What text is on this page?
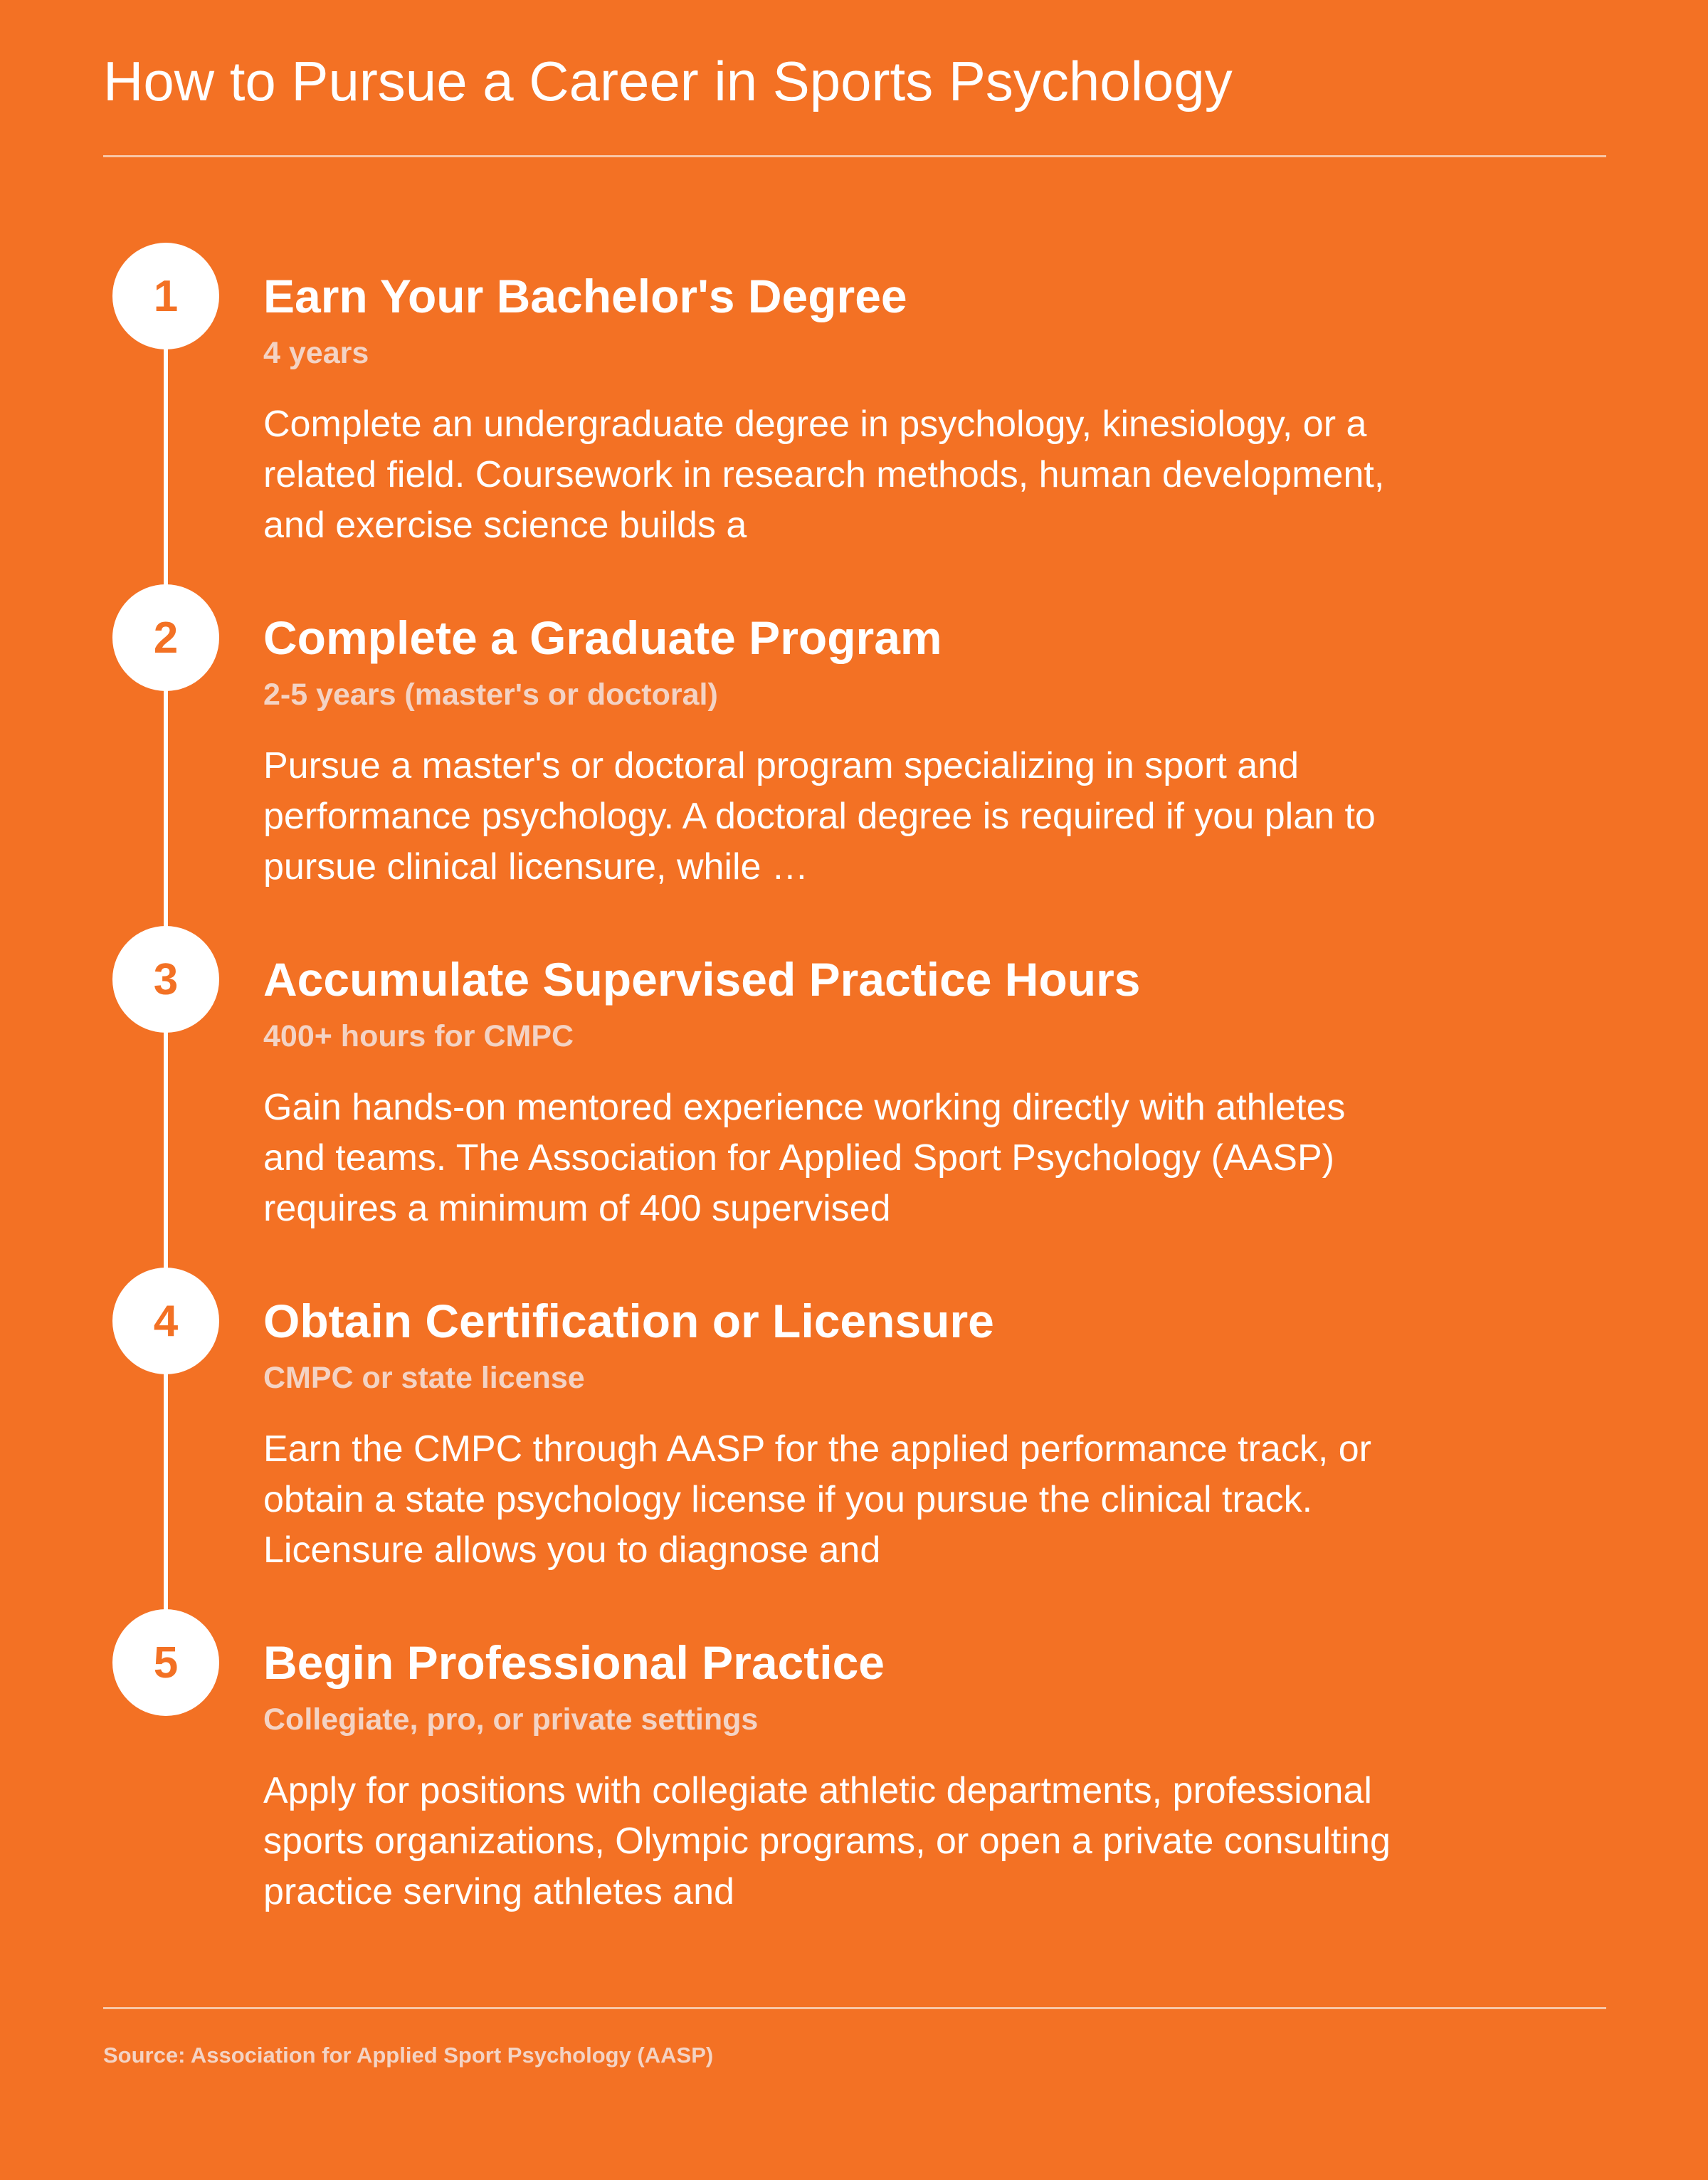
How to Pursue a Career in Sports Psychology
1	Earn Your Bachelor's Degree
4 years
Complete an undergraduate degree in psychology, kinesiology, or a related field. Coursework in research methods, human development, and exercise science builds a
2	Complete a Graduate Program
2-5 years (master's or doctoral)
Pursue a master's or doctoral program specializing in sport and performance psychology. A doctoral degree is required if you plan to pursue clinical licensure, while …
3	Accumulate Supervised Practice Hours
400+ hours for CMPC
Gain hands-on mentored experience working directly with athletes and teams. The Association for Applied Sport Psychology (AASP) requires a minimum of 400 supervised
4	Obtain Certification or Licensure
CMPC or state license
Earn the CMPC through AASP for the applied performance track, or obtain a state psychology license if you pursue the clinical track. Licensure allows you to diagnose and
5	Begin Professional Practice
Collegiate, pro, or private settings
Apply for positions with collegiate athletic departments, professional sports organizations, Olympic programs, or open a private consulting practice serving athletes and
Source: Association for Applied Sport Psychology (AASP)
